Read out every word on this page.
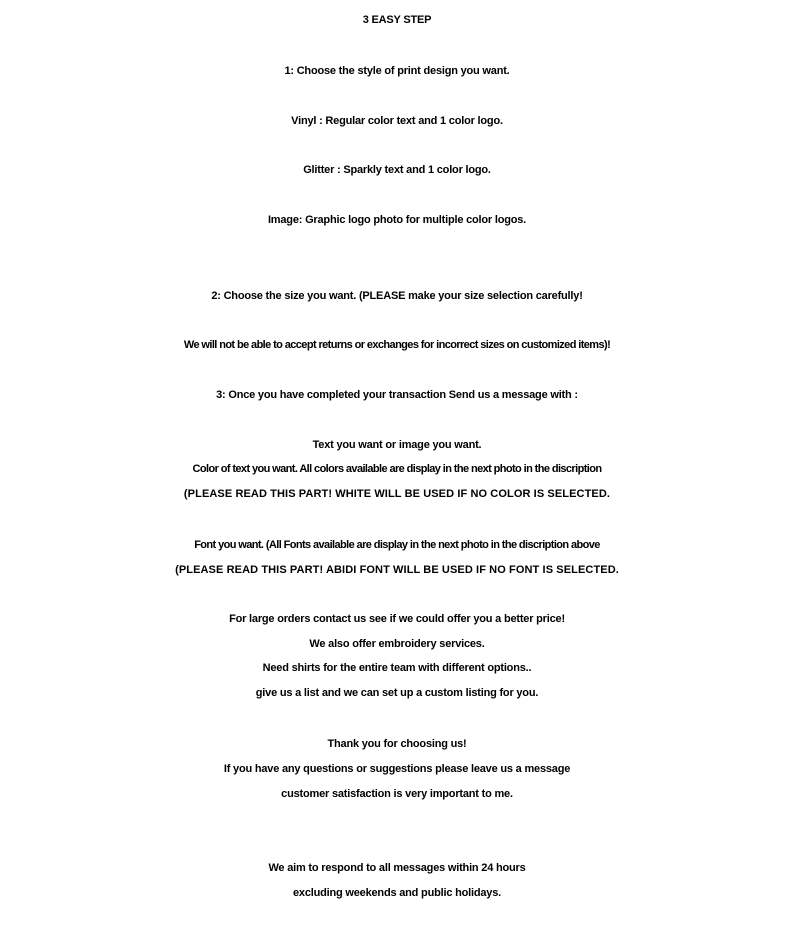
3 EASY STEP
1: Choose the style of print design you want.
Vinyl : Regular color text and 1 color logo.
Glitter : Sparkly text and 1 color logo.
Image: Graphic logo photo for multiple color logos.
2: Choose the size you want. (PLEASE make your size selection carefully!
We will not be able to accept returns or exchanges for incorrect sizes on customized items)!
3: Once you have completed your transaction Send us a message with :
Text you want or image you want.
Color of text you want. All colors available are display in the next photo in the discription
(PLEASE READ THIS PART! WHITE WILL BE USED IF NO COLOR IS SELECTED.
Font you want. (All Fonts available are display in the next photo in the discription above
(PLEASE READ THIS PART! ABIDI FONT WILL BE USED IF NO FONT IS SELECTED.
For large orders contact us see if we could offer you a better price!
We also offer embroidery services.
Need shirts for the entire team with different options..
give us a list and we can set up a custom listing for you.
Thank you for choosing us!
If you have any questions or suggestions please leave us a message
customer satisfaction is very important to me.
We aim to respond to all messages within 24 hours
excluding weekends and public holidays.
